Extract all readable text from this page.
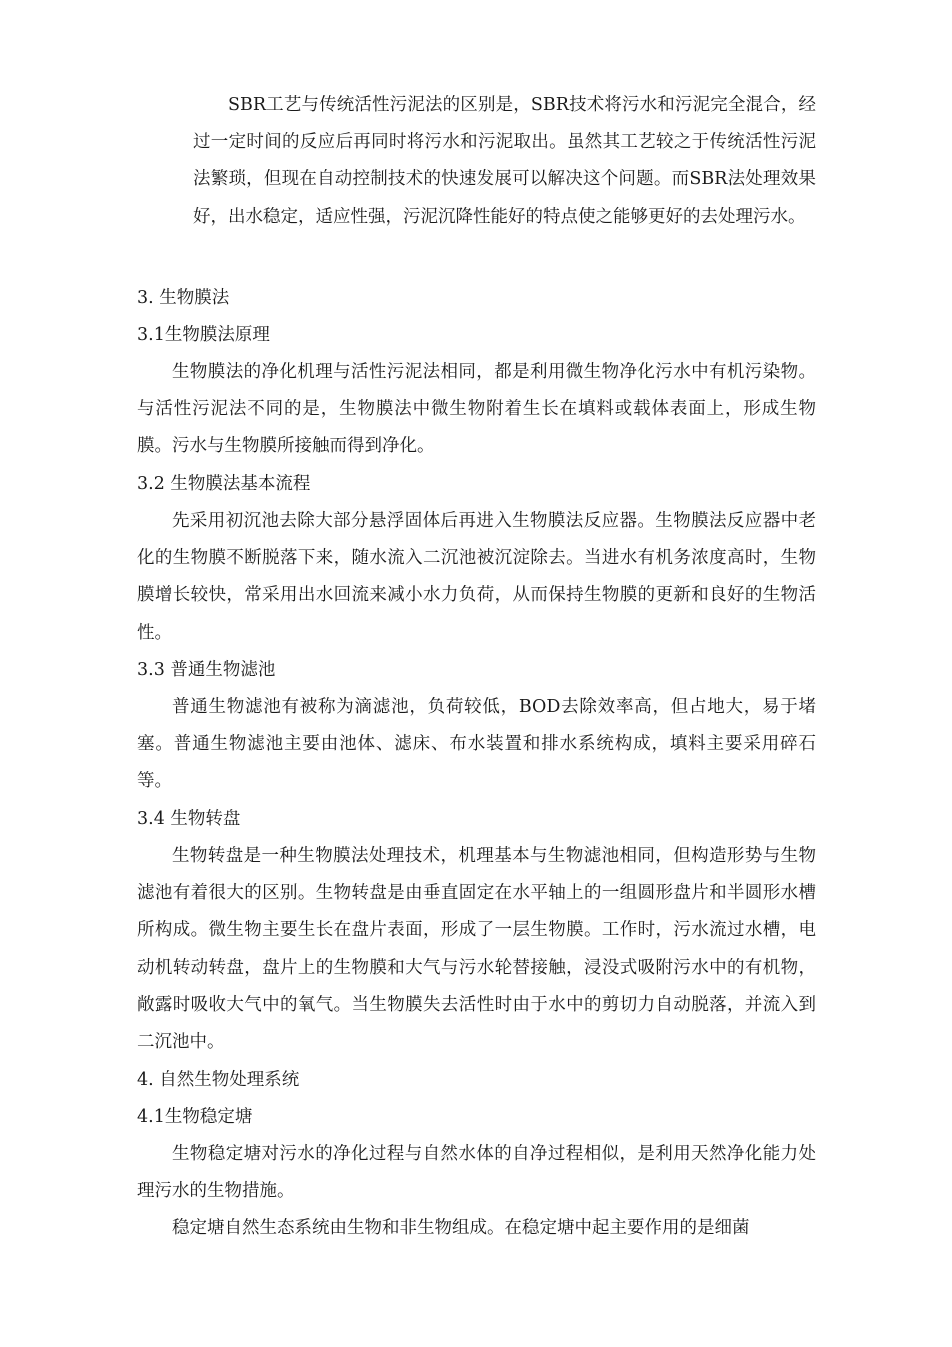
SBR工艺与传统活性污泥法的区别是，SBR技术将污水和污泥完全混合，经过一定时间的反应后再同时将污水和污泥取出。虽然其工艺较之于传统活性污泥法繁琐，但现在自动控制技术的快速发展可以解决这个问题。而SBR法处理效果好，出水稳定，适应性强，污泥沉降性能好的特点使之能够更好的去处理污水。

3. 生物膜法
3.1生物膜法原理

生物膜法的净化机理与活性污泥法相同，都是利用微生物净化污水中有机污染物。与活性污泥法不同的是，生物膜法中微生物附着生长在填料或载体表面上，形成生物膜。污水与生物膜所接触而得到净化。

3.2 生物膜法基本流程

先采用初沉池去除大部分悬浮固体后再进入生物膜法反应器。生物膜法反应器中老化的生物膜不断脱落下来，随水流入二沉池被沉淀除去。当进水有机务浓度高时，生物膜增长较快，常采用出水回流来减小水力负荷，从而保持生物膜的更新和良好的生物活性。

3.3 普通生物滤池

普通生物滤池有被称为滴滤池，负荷较低，BOD去除效率高，但占地大，易于堵塞。普通生物滤池主要由池体、滤床、布水装置和排水系统构成，填料主要采用碎石等。

3.4 生物转盘

生物转盘是一种生物膜法处理技术，机理基本与生物滤池相同，但构造形势与生物滤池有着很大的区别。生物转盘是由垂直固定在水平轴上的一组圆形盘片和半圆形水槽所构成。微生物主要生长在盘片表面，形成了一层生物膜。工作时，污水流过水槽，电动机转动转盘，盘片上的生物膜和大气与污水轮替接触，浸没式吸附污水中的有机物，敞露时吸收大气中的氧气。当生物膜失去活性时由于水中的剪切力自动脱落，并流入到二沉池中。

4. 自然生物处理系统
4.1生物稳定塘

生物稳定塘对污水的净化过程与自然水体的自净过程相似，是利用天然净化能力处理污水的生物措施。

稳定塘自然生态系统由生物和非生物组成。在稳定塘中起主要作用的是细菌
